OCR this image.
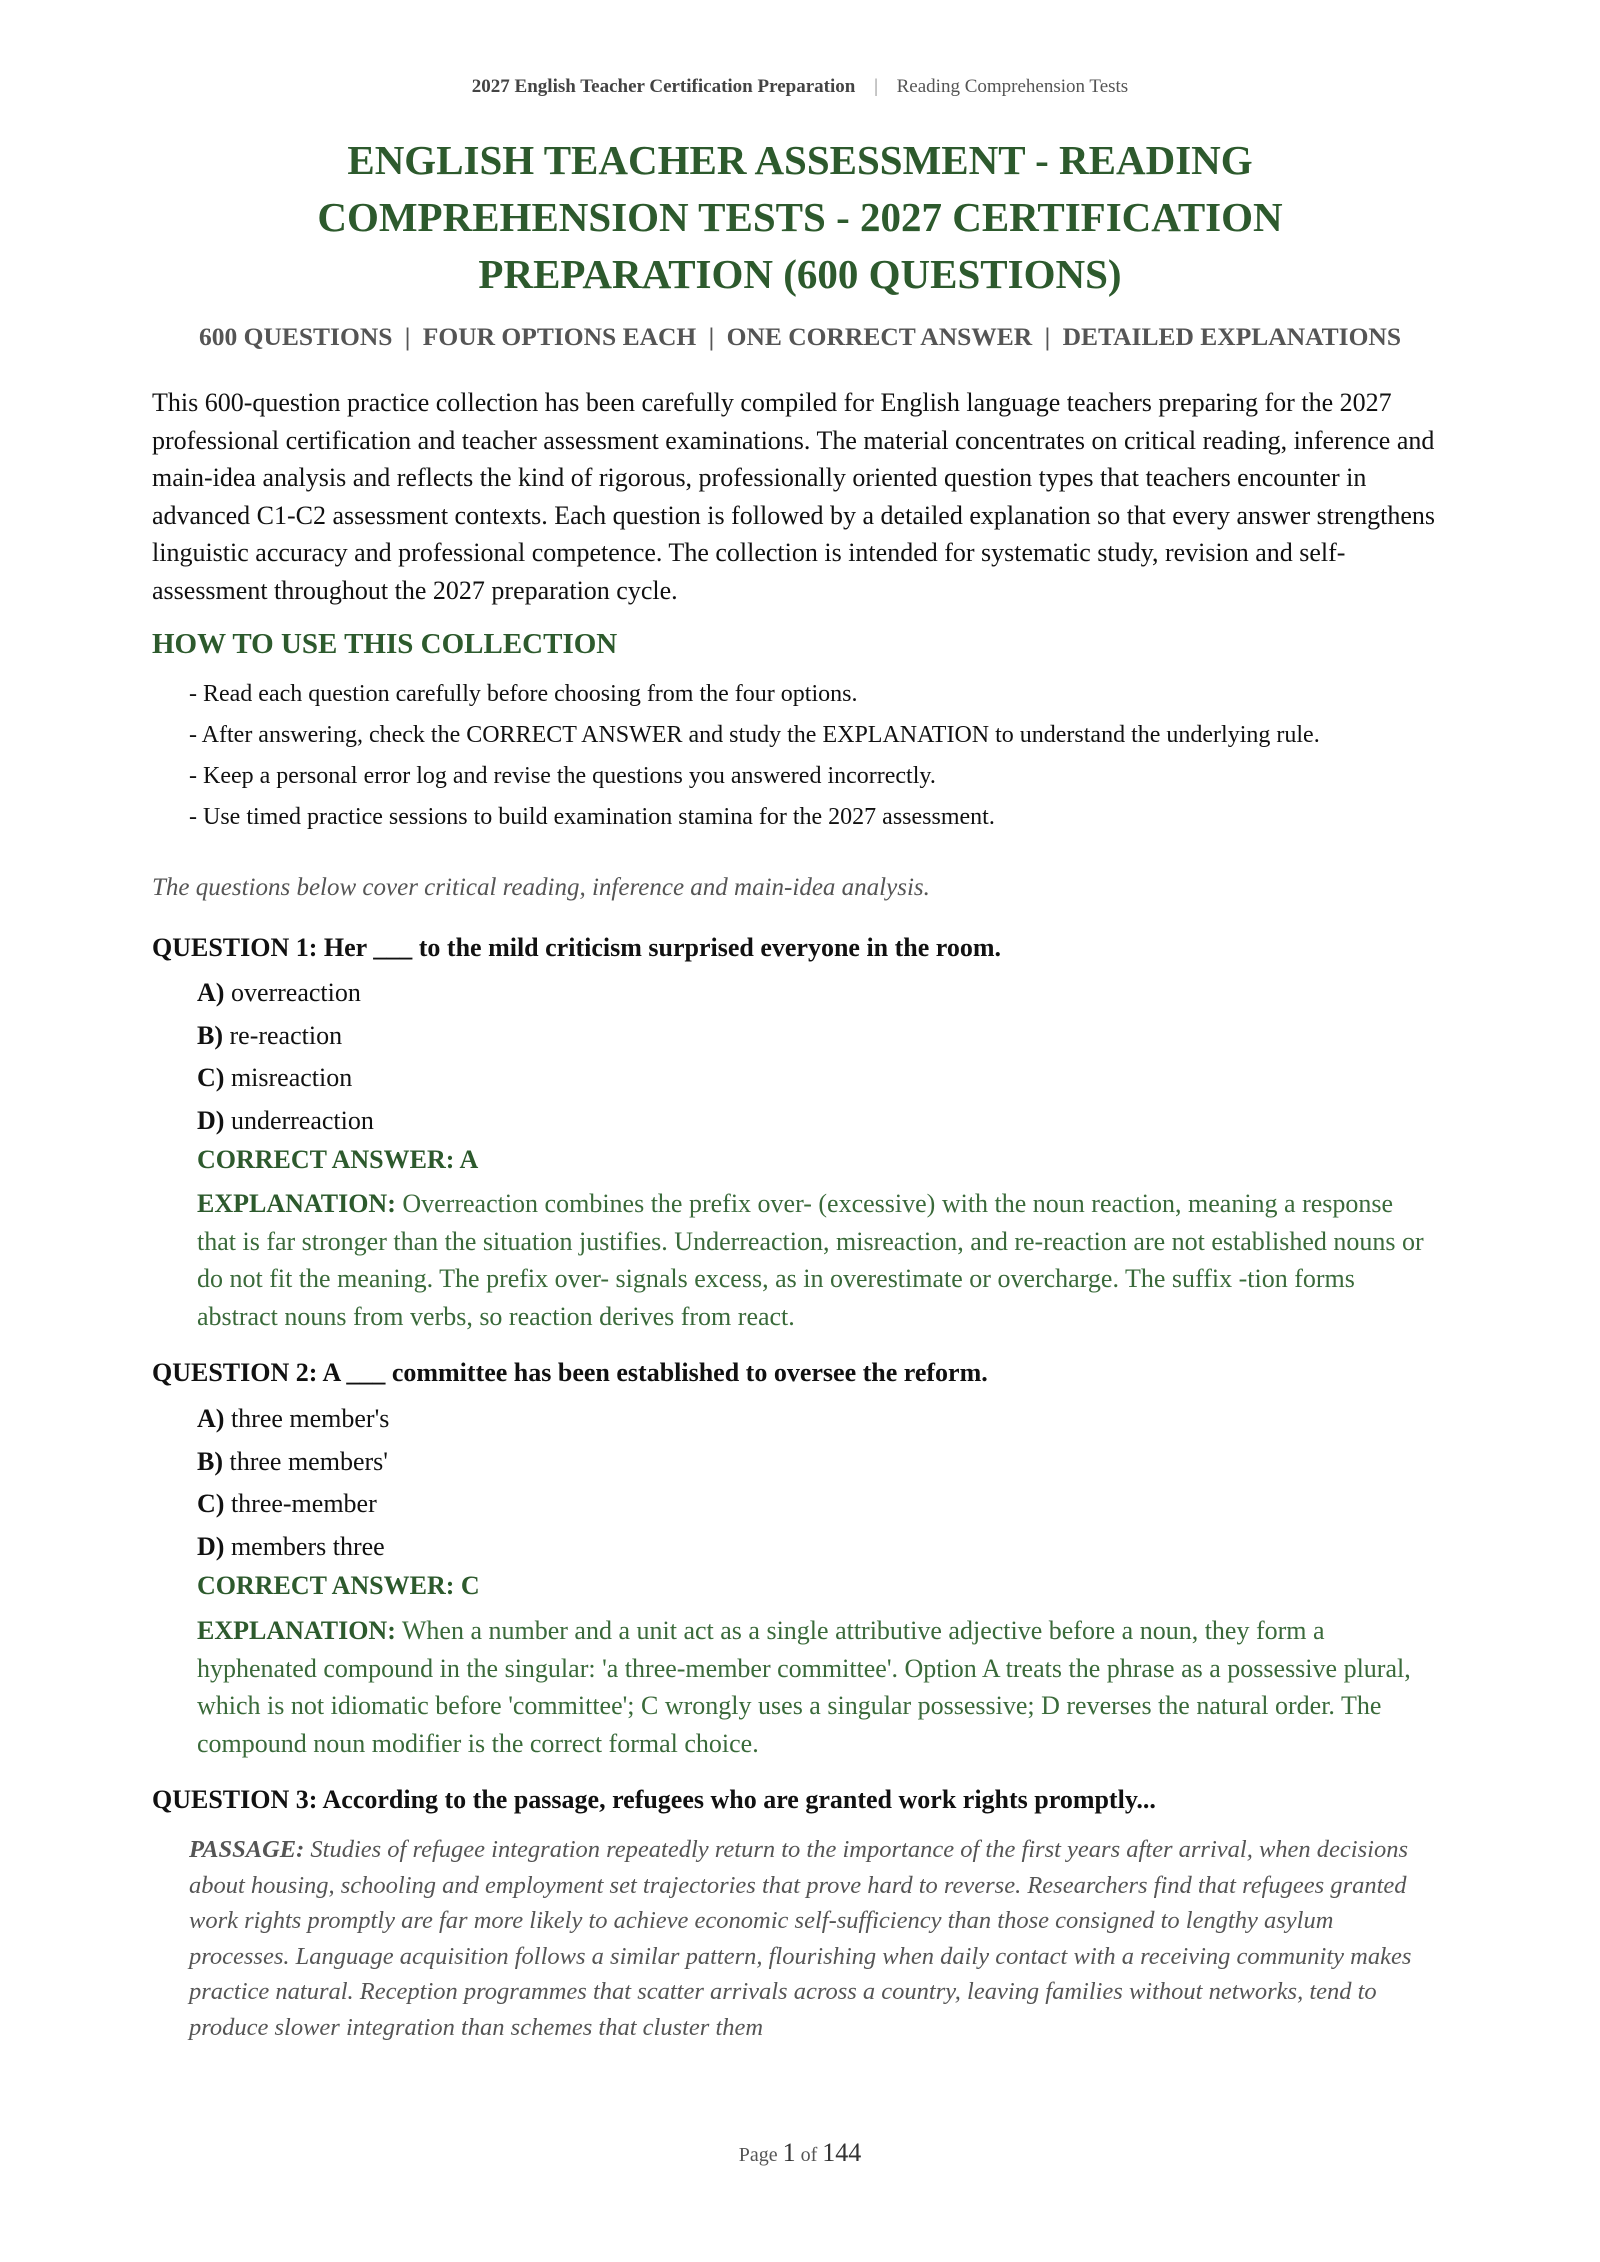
2027 English Teacher Certification Preparation | Reading Comprehension Tests
ENGLISH TEACHER ASSESSMENT - READING COMPREHENSION TESTS - 2027 CERTIFICATION PREPARATION (600 QUESTIONS)
600 QUESTIONS | FOUR OPTIONS EACH | ONE CORRECT ANSWER | DETAILED EXPLANATIONS

This 600-question practice collection has been carefully compiled for English language teachers preparing for the 2027 professional certification and teacher assessment examinations. The material concentrates on critical reading, inference and main-idea analysis and reflects the kind of rigorous, professionally oriented question types that teachers encounter in advanced C1-C2 assessment contexts. Each question is followed by a detailed explanation so that every answer strengthens linguistic accuracy and professional competence. The collection is intended for systematic study, revision and self-assessment throughout the 2027 preparation cycle.

HOW TO USE THIS COLLECTION
- Read each question carefully before choosing from the four options.
- After answering, check the CORRECT ANSWER and study the EXPLANATION to understand the underlying rule.
- Keep a personal error log and revise the questions you answered incorrectly.
- Use timed practice sessions to build examination stamina for the 2027 assessment.
The questions below cover critical reading, inference and main-idea analysis.
QUESTION 1: Her ___ to the mild criticism surprised everyone in the room.
A) overreaction
B) re-reaction
C) misreaction
D) underreaction
CORRECT ANSWER: A

EXPLANATION: Overreaction combines the prefix over- (excessive) with the noun reaction, meaning a response that is far stronger than the situation justifies. Underreaction, misreaction, and re-reaction are not established nouns or do not fit the meaning. The prefix over- signals excess, as in overestimate or overcharge. The suffix -tion forms abstract nouns from verbs, so reaction derives from react.

QUESTION 2: A ___ committee has been established to oversee the reform.
A) three member's
B) three members'
C) three-member
D) members three
CORRECT ANSWER: C

EXPLANATION: When a number and a unit act as a single attributive adjective before a noun, they form a hyphenated compound in the singular: 'a three-member committee'. Option A treats the phrase as a possessive plural, which is not idiomatic before 'committee'; C wrongly uses a singular possessive; D reverses the natural order. The compound noun modifier is the correct formal choice.

QUESTION 3: According to the passage, refugees who are granted work rights promptly...

PASSAGE: Studies of refugee integration repeatedly return to the importance of the first years after arrival, when decisions about housing, schooling and employment set trajectories that prove hard to reverse. Researchers find that refugees granted work rights promptly are far more likely to achieve economic self-sufficiency than those consigned to lengthy asylum processes. Language acquisition follows a similar pattern, flourishing when daily contact with a receiving community makes practice natural. Reception programmes that scatter arrivals across a country, leaving families without networks, tend to produce slower integration than schemes that cluster them

Page 1 of 144
